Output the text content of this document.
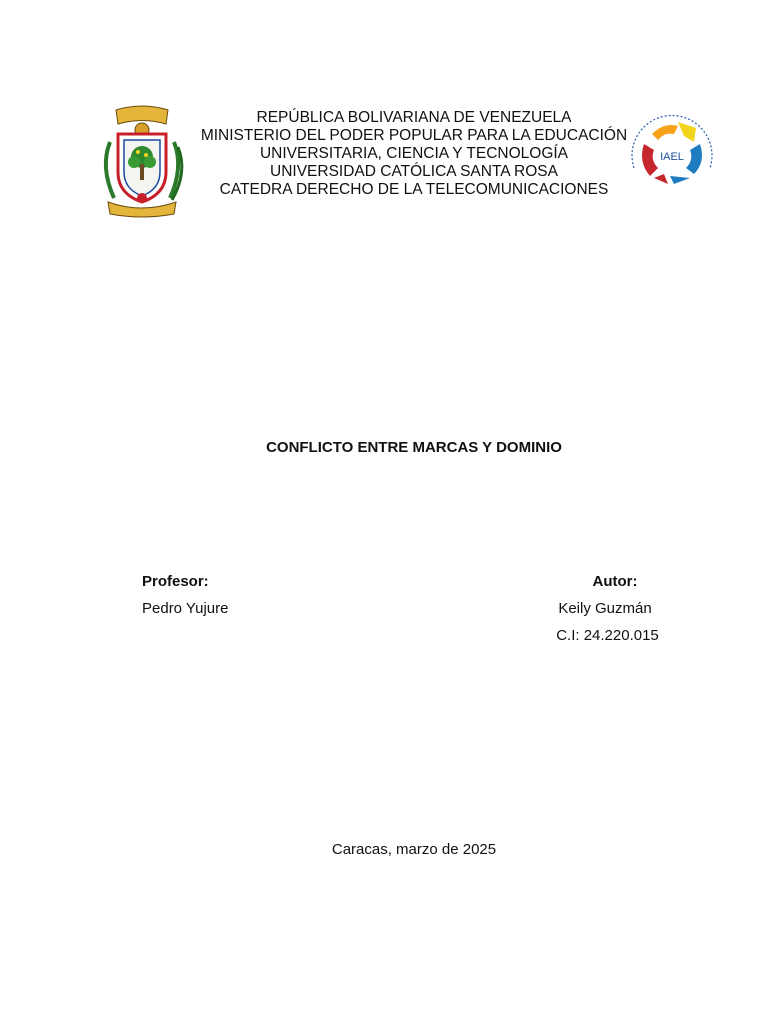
REPÚBLICA BOLIVARIANA DE VENEZUELA
MINISTERIO DEL PODER POPULAR PARA LA EDUCACIÓN
UNIVERSITARIA, CIENCIA Y TECNOLOGÍA
UNIVERSIDAD CATÓLICA SANTA ROSA
CATEDRA DERECHO DE LA TELECOMUNICACIONES
IAEL
CONFLICTO ENTRE MARCAS Y DOMINIO
Profesor:
Pedro Yujure
Autor:
Keily Guzmán
C.I: 24.220.015
Caracas, marzo de 2025
